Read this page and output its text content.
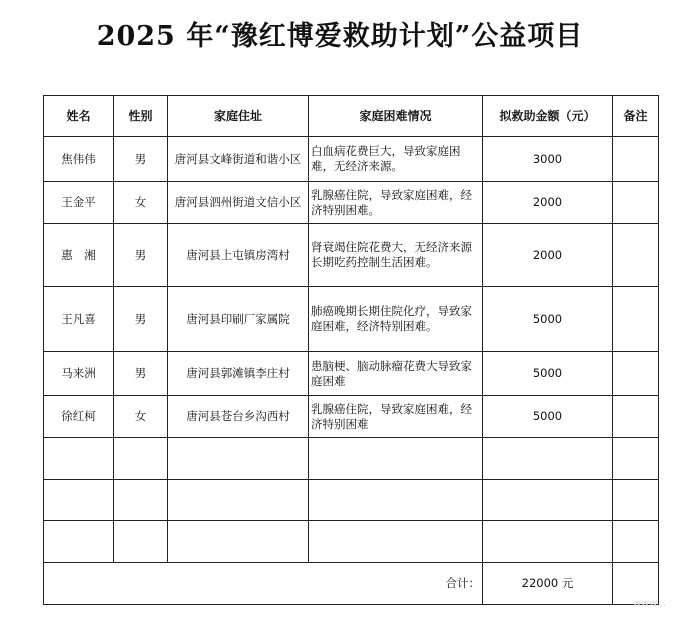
2025 年“豫红博爱救助计划”公益项目
姓名	性别	家庭住址	家庭困难情况	拟救助金额（元）	备注
焦伟伟	男	唐河县文峰街道和谐小区	白血病花费巨大，导致家庭困难，无经济来源。	3000	
王金平	女	唐河县泗州街道文信小区	乳腺癌住院，导致家庭困难，经济特别困难。	2000	
惠　湘	男	唐河县上屯镇房湾村	肾衰竭住院花费大，无经济来源长期吃药控制生活困难。	2000	
王凡喜	男	唐河县印刷厂家属院	肺癌晚期长期住院化疗，导致家庭困难，经济特别困难。	5000	
马来洲	男	唐河县郭滩镇李庄村	患脑梗、脑动脉瘤花费大导致家庭困难	5000	
徐红柯	女	唐河县苍台乡沟西村	乳腺癌住院，导致家庭困难，经济特别困难	5000	

合计：				22000 元	
www...
